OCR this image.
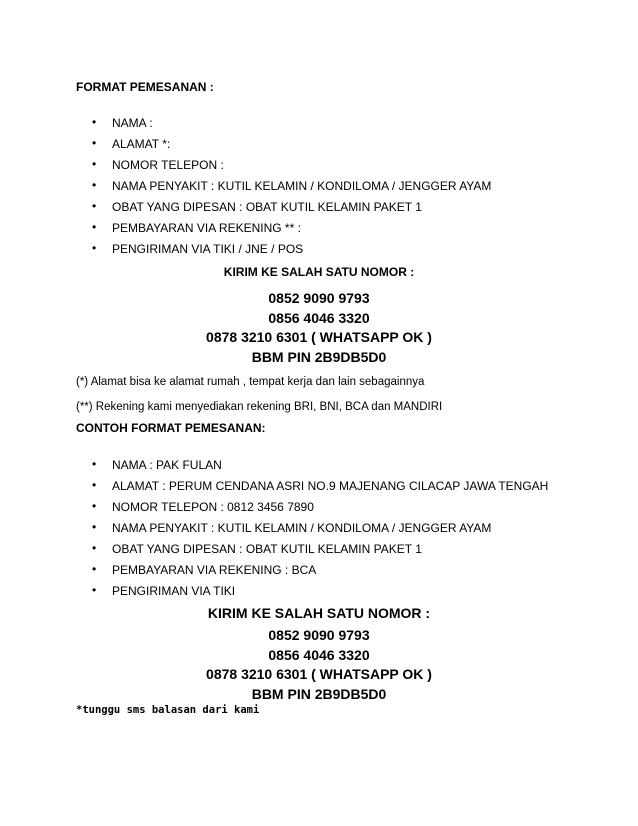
FORMAT PEMESANAN :
• NAMA :
• ALAMAT *:
• NOMOR TELEPON :
• NAMA PENYAKIT : KUTIL KELAMIN / KONDILOMA / JENGGER AYAM
• OBAT YANG DIPESAN : OBAT KUTIL KELAMIN PAKET 1
• PEMBAYARAN VIA REKENING ** :
• PENGIRIMAN VIA TIKI / JNE / POS
KIRIM KE SALAH SATU NOMOR :
0852 9090 9793
0856 4046 3320
0878 3210 6301 ( WHATSAPP OK )
BBM PIN 2B9DB5D0
(*) Alamat bisa ke alamat rumah , tempat kerja dan lain sebagainnya
(**) Rekening kami menyediakan rekening BRI, BNI, BCA dan MANDIRI
CONTOH FORMAT PEMESANAN:
• NAMA : PAK FULAN
• ALAMAT : PERUM CENDANA ASRI NO.9 MAJENANG CILACAP JAWA TENGAH
• NOMOR TELEPON : 0812 3456 7890
• NAMA PENYAKIT : KUTIL KELAMIN / KONDILOMA / JENGGER AYAM
• OBAT YANG DIPESAN : OBAT KUTIL KELAMIN PAKET 1
• PEMBAYARAN VIA REKENING : BCA
• PENGIRIMAN VIA TIKI
KIRIM KE SALAH SATU NOMOR :
0852 9090 9793
0856 4046 3320
0878 3210 6301 ( WHATSAPP OK )
BBM PIN 2B9DB5D0
*tunggu sms balasan dari kami
